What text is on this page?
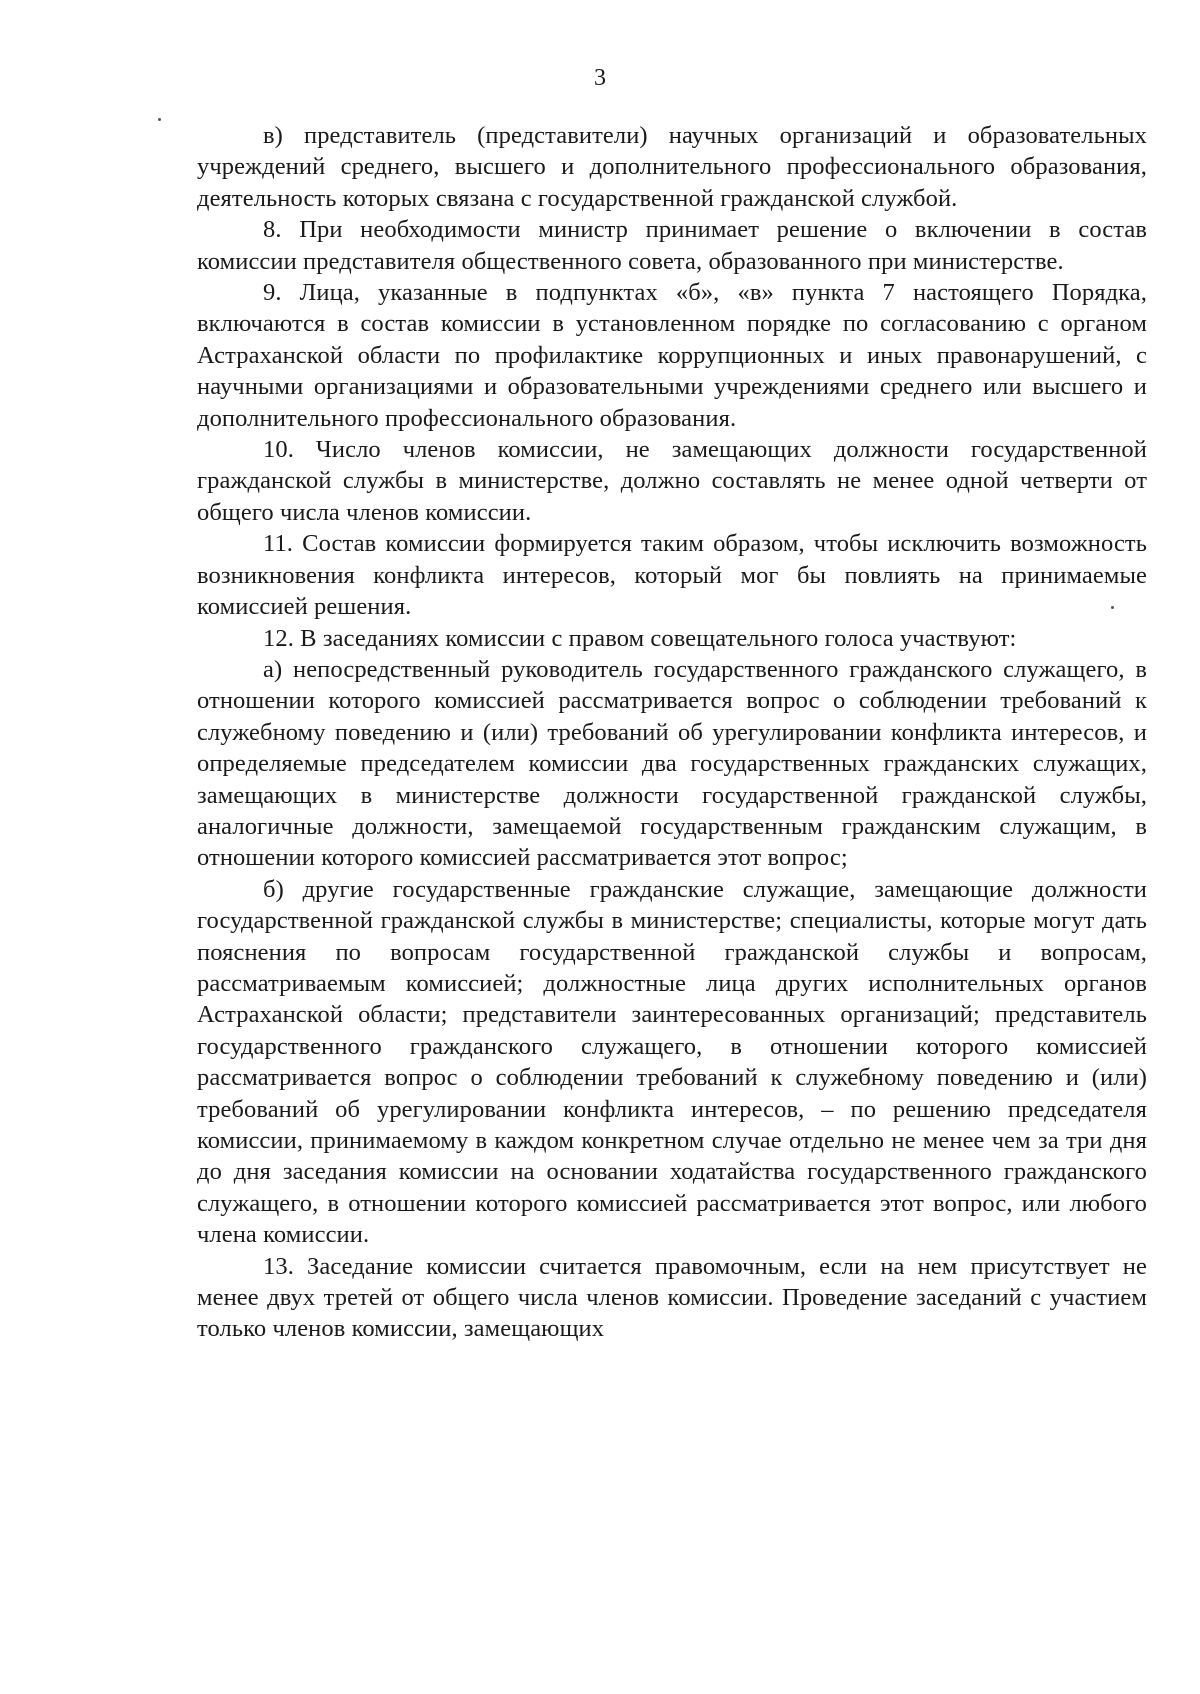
3

в) представитель (представители) научных организаций и образовательных учреждений среднего, высшего и дополнительного профессионального образования, деятельность которых связана с государственной гражданской службой.

8. При необходимости министр принимает решение о включении в состав комиссии представителя общественного совета, образованного при министерстве.

9. Лица, указанные в подпунктах «б», «в» пункта 7 настоящего Порядка, включаются в состав комиссии в установленном порядке по согласованию с органом Астраханской области по профилактике коррупционных и иных правонарушений, с научными организациями и образовательными учреждениями среднего или высшего и дополнительного профессионального образования.

10. Число членов комиссии, не замещающих должности государственной гражданской службы в министерстве, должно составлять не менее одной четверти от общего числа членов комиссии.

11. Состав комиссии формируется таким образом, чтобы исключить возможность возникновения конфликта интересов, который мог бы повлиять на принимаемые комиссией решения.

12. В заседаниях комиссии с правом совещательного голоса участвуют:

а) непосредственный руководитель государственного гражданского служащего, в отношении которого комиссией рассматривается вопрос о соблюдении требований к служебному поведению и (или) требований об урегулировании конфликта интересов, и определяемые председателем комиссии два государственных гражданских служащих, замещающих в министерстве должности государственной гражданской службы, аналогичные должности, замещаемой государственным гражданским служащим, в отношении которого комиссией рассматривается этот вопрос;

б) другие государственные гражданские служащие, замещающие должности государственной гражданской службы в министерстве; специалисты, которые могут дать пояснения по вопросам государственной гражданской службы и вопросам, рассматриваемым комиссией; должностные лица других исполнительных органов Астраханской области; представители заинтересованных организаций; представитель государственного гражданского служащего, в отношении которого комиссией рассматривается вопрос о соблюдении требований к служебному поведению и (или) требований об урегулировании конфликта интересов, – по решению председателя комиссии, принимаемому в каждом конкретном случае отдельно не менее чем за три дня до дня заседания комиссии на основании ходатайства государственного гражданского служащего, в отношении которого комиссией рассматривается этот вопрос, или любого члена комиссии.

13. Заседание комиссии считается правомочным, если на нем присутствует не менее двух третей от общего числа членов комиссии. Проведение заседаний с участием только членов комиссии, замещающих
